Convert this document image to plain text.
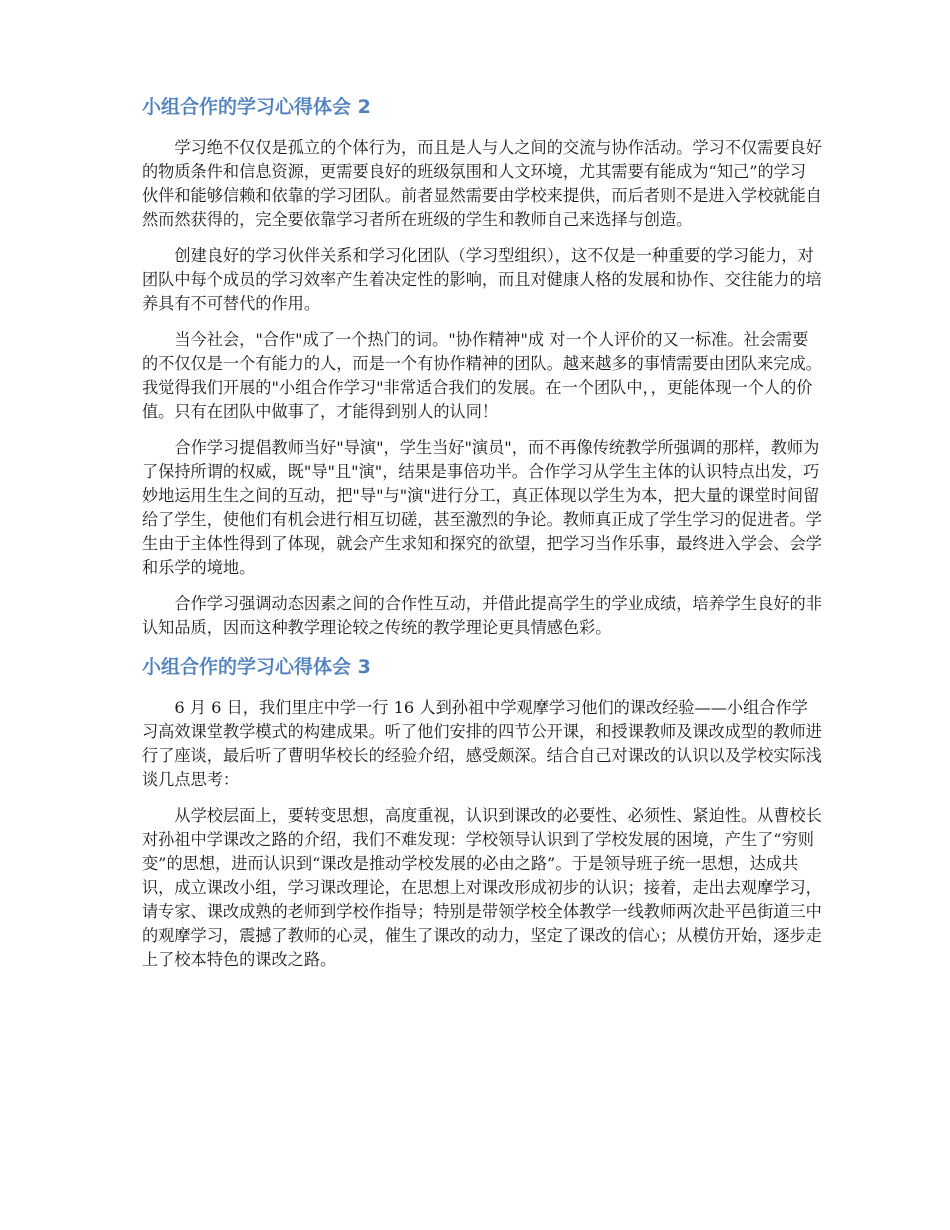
小组合作的学习心得体会 2

学习绝不仅仅是孤立的个体行为，而且是人与人之间的交流与协作活动。学习不仅需要良好的物质条件和信息资源，更需要良好的班级氛围和人文环境，尤其需要有能成为“知己”的学习伙伴和能够信赖和依靠的学习团队。前者显然需要由学校来提供，而后者则不是进入学校就能自然而然获得的，完全要依靠学习者所在班级的学生和教师自己来选择与创造。

创建良好的学习伙伴关系和学习化团队（学习型组织），这不仅是一种重要的学习能力，对团队中每个成员的学习效率产生着决定性的影响，而且对健康人格的发展和协作、交往能力的培养具有不可替代的作用。

当今社会，"合作"成了一个热门的词。"协作精神"成 对一个人评价的又一标准。社会需要的不仅仅是一个有能力的人，而是一个有协作精神的团队。越来越多的事情需要由团队来完成。我觉得我们开展的"小组合作学习"非常适合我们的发展。在一个团队中，，更能体现一个人的价值。只有在团队中做事了，才能得到别人的认同！

合作学习提倡教师当好"导演"，学生当好"演员"，而不再像传统教学所强调的那样，教师为了保持所谓的权威，既"导"且"演"，结果是事倍功半。合作学习从学生主体的认识特点出发，巧妙地运用生生之间的互动，把"导"与"演"进行分工，真正体现以学生为本，把大量的课堂时间留给了学生，使他们有机会进行相互切磋，甚至激烈的争论。教师真正成了学生学习的促进者。学生由于主体性得到了体现，就会产生求知和探究的欲望，把学习当作乐事，最终进入学会、会学和乐学的境地。

合作学习强调动态因素之间的合作性互动，并借此提高学生的学业成绩，培养学生良好的非认知品质，因而这种教学理论较之传统的教学理论更具情感色彩。

小组合作的学习心得体会 3

6 月 6 日，我们里庄中学一行 16 人到孙祖中学观摩学习他们的课改经验——小组合作学习高效课堂教学模式的构建成果。听了他们安排的四节公开课，和授课教师及课改成型的教师进行了座谈，最后听了曹明华校长的经验介绍，感受颇深。结合自己对课改的认识以及学校实际浅谈几点思考：

从学校层面上，要转变思想，高度重视，认识到课改的必要性、必须性、紧迫性。从曹校长对孙祖中学课改之路的介绍，我们不难发现：学校领导认识到了学校发展的困境，产生了“穷则变”的思想，进而认识到“课改是推动学校发展的必由之路”。于是领导班子统一思想，达成共识，成立课改小组，学习课改理论，在思想上对课改形成初步的认识；接着，走出去观摩学习，请专家、课改成熟的老师到学校作指导；特别是带领学校全体教学一线教师两次赴平邑街道三中的观摩学习，震撼了教师的心灵，催生了课改的动力，坚定了课改的信心；从模仿开始，逐步走上了校本特色的课改之路。
